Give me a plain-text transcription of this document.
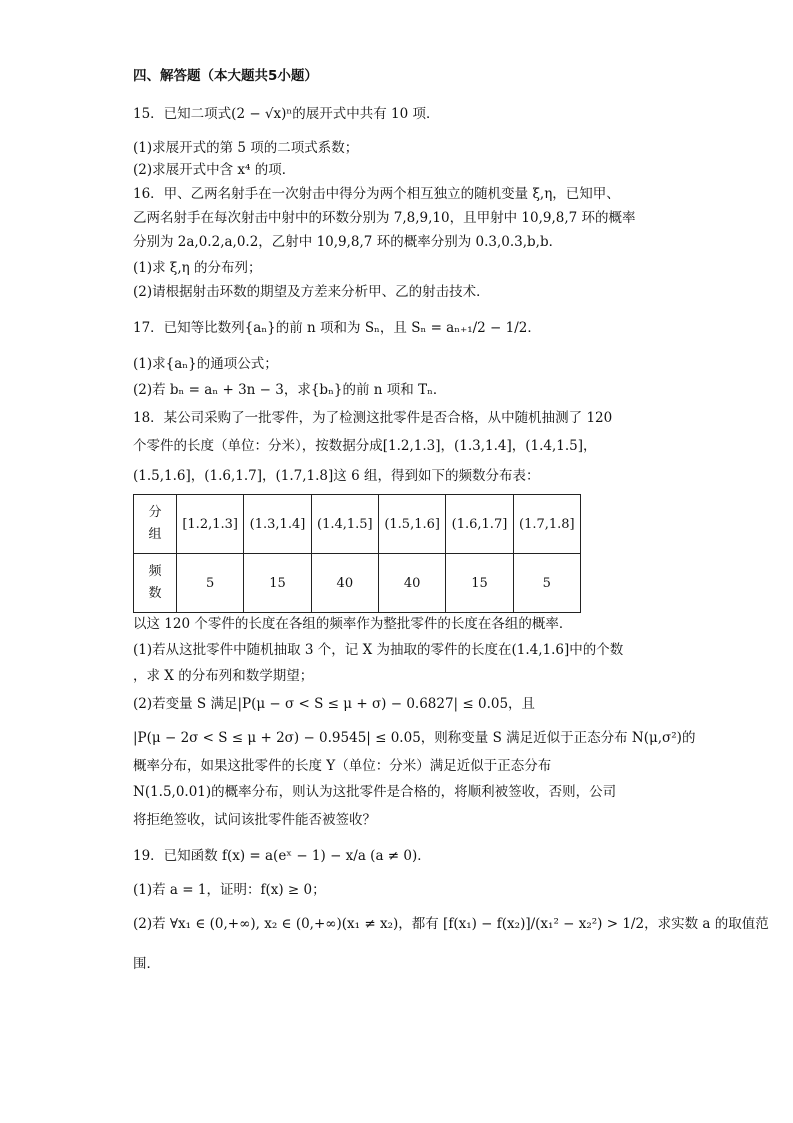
四、解答题（本大题共5小题）
15．已知二项式(2 − √x)ⁿ的展开式中共有 10 项．
(1)求展开式的第 5 项的二项式系数；
(2)求展开式中含 x⁴ 的项．
16．甲、乙两名射手在一次射击中得分为两个相互独立的随机变量 ξ,η，已知甲、
乙两名射手在每次射击中射中的环数分别为 7,8,9,10，且甲射中 10,9,8,7 环的概率
分别为 2a,0.2,a,0.2，乙射中 10,9,8,7 环的概率分别为 0.3,0.3,b,b．
(1)求 ξ,η 的分布列；
(2)请根据射击环数的期望及方差来分析甲、乙的射击技术．
17．已知等比数列{aₙ}的前 n 项和为 Sₙ，且 Sₙ = aₙ₊₁/2 − 1/2．
(1)求{aₙ}的通项公式；
(2)若 bₙ = aₙ + 3n − 3，求{bₙ}的前 n 项和 Tₙ．
18．某公司采购了一批零件，为了检测这批零件是否合格，从中随机抽测了 120
个零件的长度（单位：分米），按数据分成[1.2,1.3]，(1.3,1.4]，(1.4,1.5]，
(1.5,1.6]，(1.6,1.7]，(1.7,1.8]这 6 组，得到如下的频数分布表：
分
组	[1.2,1.3]	(1.3,1.4]	(1.4,1.5]	(1.5,1.6]	(1.6,1.7]	(1.7,1.8]
频
数	5	15	40	40	15	5
以这 120 个零件的长度在各组的频率作为整批零件的长度在各组的概率．
(1)若从这批零件中随机抽取 3 个，记 X 为抽取的零件的长度在(1.4,1.6]中的个数
，求 X 的分布列和数学期望；
(2)若变量 S 满足|P(μ − σ < S ≤ μ + σ) − 0.6827| ≤ 0.05，且
|P(μ − 2σ < S ≤ μ + 2σ) − 0.9545| ≤ 0.05，则称变量 S 满足近似于正态分布 N(μ,σ²)的
概率分布，如果这批零件的长度 Y（单位：分米）满足近似于正态分布
N(1.5,0.01)的概率分布，则认为这批零件是合格的，将顺利被签收，否则，公司
将拒绝签收，试问该批零件能否被签收？
19．已知函数 f(x) = a(eˣ − 1) − x/a (a ≠ 0)．
(1)若 a = 1，证明：f(x) ≥ 0；
(2)若 ∀x₁ ∈ (0,+∞), x₂ ∈ (0,+∞)(x₁ ≠ x₂)，都有 [f(x₁) − f(x₂)]/(x₁² − x₂²) > 1/2，求实数 a 的取值范
围．
